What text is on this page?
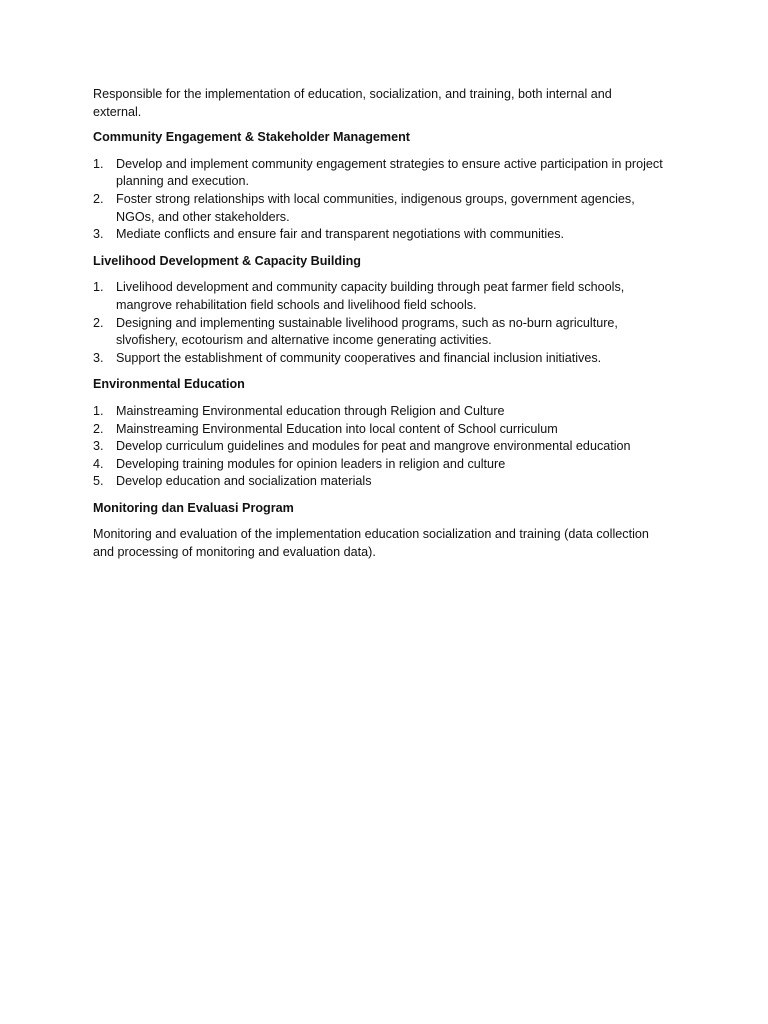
Responsible for the implementation of education, socialization, and training, both internal and external.

Community Engagement & Stakeholder Management

1. Develop and implement community engagement strategies to ensure active participation in project planning and execution.
2. Foster strong relationships with local communities, indigenous groups, government agencies, NGOs, and other stakeholders.
3. Mediate conflicts and ensure fair and transparent negotiations with communities.

Livelihood Development & Capacity Building

1. Livelihood development and community capacity building through peat farmer field schools, mangrove rehabilitation field schools and livelihood field schools.
2. Designing and implementing sustainable livelihood programs, such as no-burn agriculture, slvofishery, ecotourism and alternative income generating activities.
3. Support the establishment of community cooperatives and financial inclusion initiatives.

Environmental Education

1. Mainstreaming Environmental education through Religion and Culture
2. Mainstreaming Environmental Education into local content of School curriculum
3. Develop curriculum guidelines and modules for peat and mangrove environmental education
4. Developing training modules for opinion leaders in religion and culture
5. Develop education and socialization materials

Monitoring dan Evaluasi Program

Monitoring and evaluation of the implementation education socialization and training (data collection and processing of monitoring and evaluation data).
